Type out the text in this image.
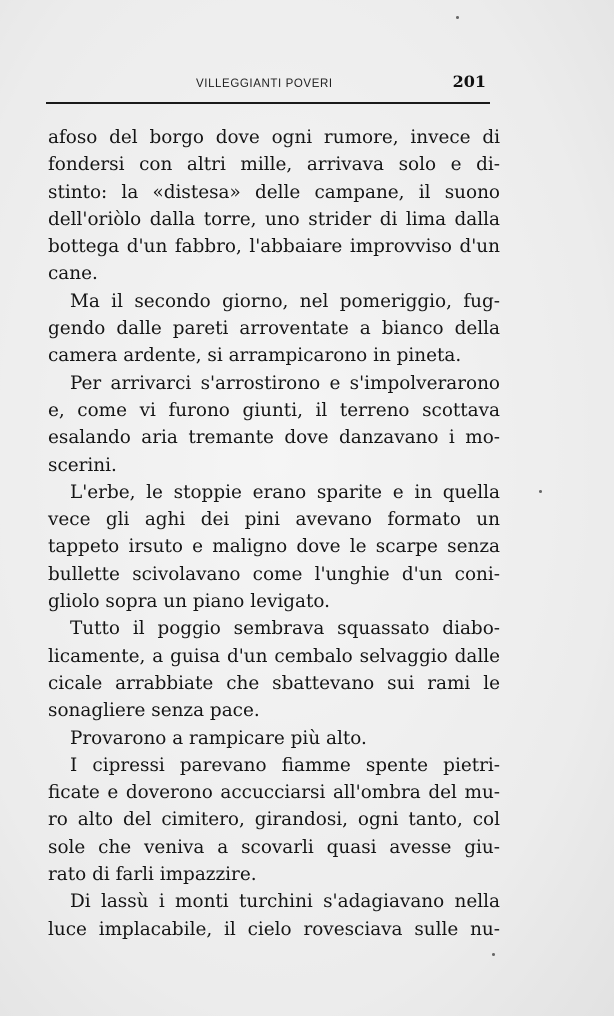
VILLEGGIANTI POVERI	201
afoso del borgo dove ogni rumore, invece di
fondersi con altri mille, arrivava solo e di-
stinto: la «distesa» delle campane, il suono
dell'oriòlo dalla torre, uno strider di lima dalla
bottega d'un fabbro, l'abbaiare improvviso d'un
cane.
Ma il secondo giorno, nel pomeriggio, fug-
gendo dalle pareti arroventate a bianco della
camera ardente, si arrampicarono in pineta.
Per arrivarci s'arrostirono e s'impolverarono
e, come vi furono giunti, il terreno scottava
esalando aria tremante dove danzavano i mo-
scerini.
L'erbe, le stoppie erano sparite e in quella
vece gli aghi dei pini avevano formato un
tappeto irsuto e maligno dove le scarpe senza
bullette scivolavano come l'unghie d'un coni-
gliolo sopra un piano levigato.
Tutto il poggio sembrava squassato diabo-
licamente, a guisa d'un cembalo selvaggio dalle
cicale arrabbiate che sbattevano sui rami le
sonagliere senza pace.
Provarono a rampicare più alto.
I cipressi parevano fiamme spente pietri-
ficate e doverono accucciarsi all'ombra del mu-
ro alto del cimitero, girandosi, ogni tanto, col
sole che veniva a scovarli quasi avesse giu-
rato di farli impazzire.
Di lassù i monti turchini s'adagiavano nella
luce implacabile, il cielo rovesciava sulle nu-
